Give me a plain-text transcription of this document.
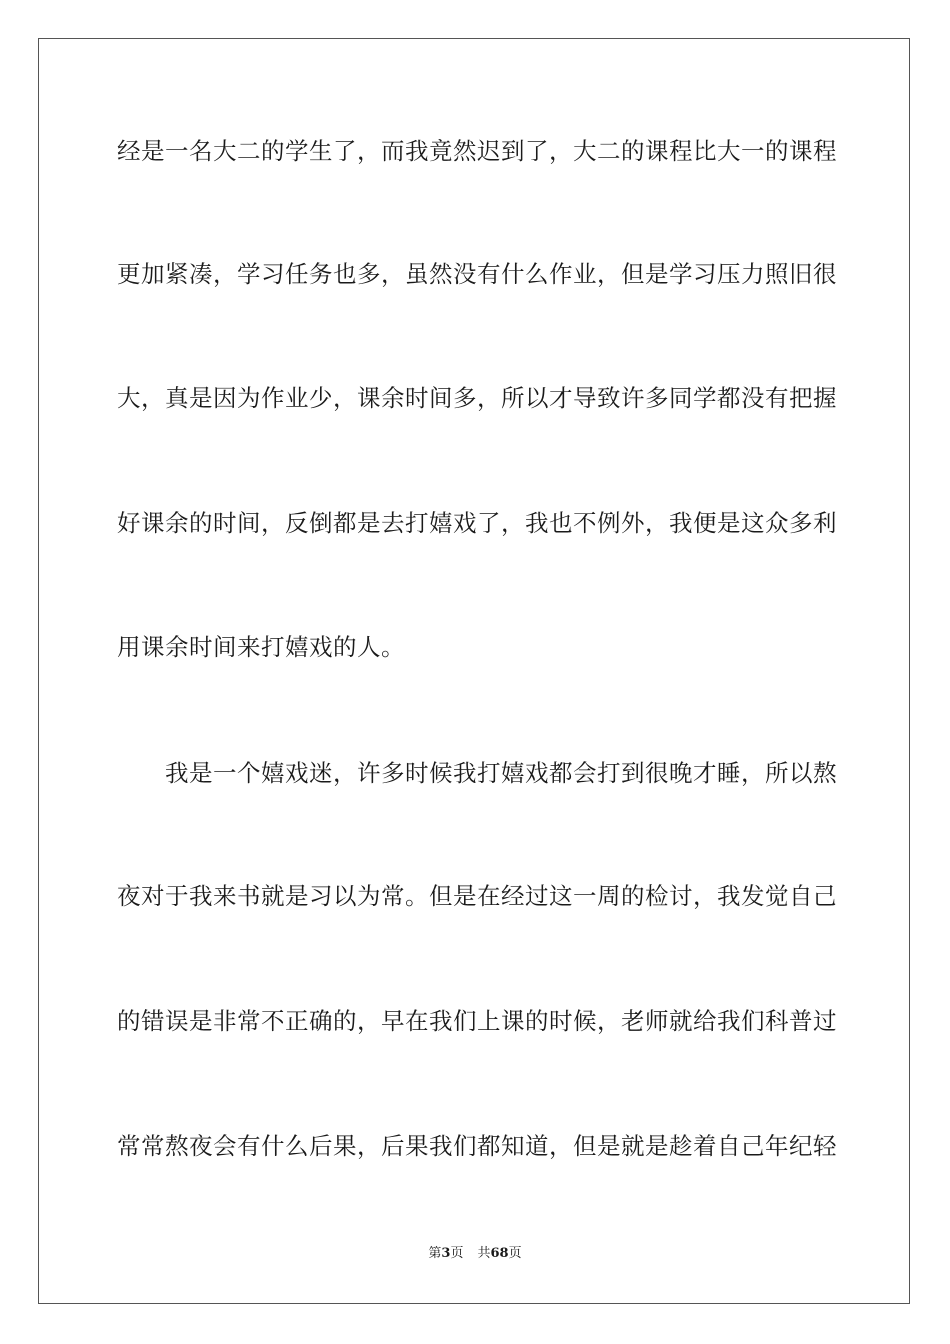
经是一名大二的学生了，而我竟然迟到了，大二的课程比大一的课程
更加紧凑，学习任务也多，虽然没有什么作业，但是学习压力照旧很
大，真是因为作业少，课余时间多，所以才导致许多同学都没有把握
好课余的时间，反倒都是去打嬉戏了，我也不例外，我便是这众多利
用课余时间来打嬉戏的人。
我是一个嬉戏迷，许多时候我打嬉戏都会打到很晚才睡，所以熬
夜对于我来书就是习以为常。但是在经过这一周的检讨，我发觉自己
的错误是非常不正确的，早在我们上课的时候，老师就给我们科普过
常常熬夜会有什么后果，后果我们都知道，但是就是趁着自己年纪轻
第3页 共68页
